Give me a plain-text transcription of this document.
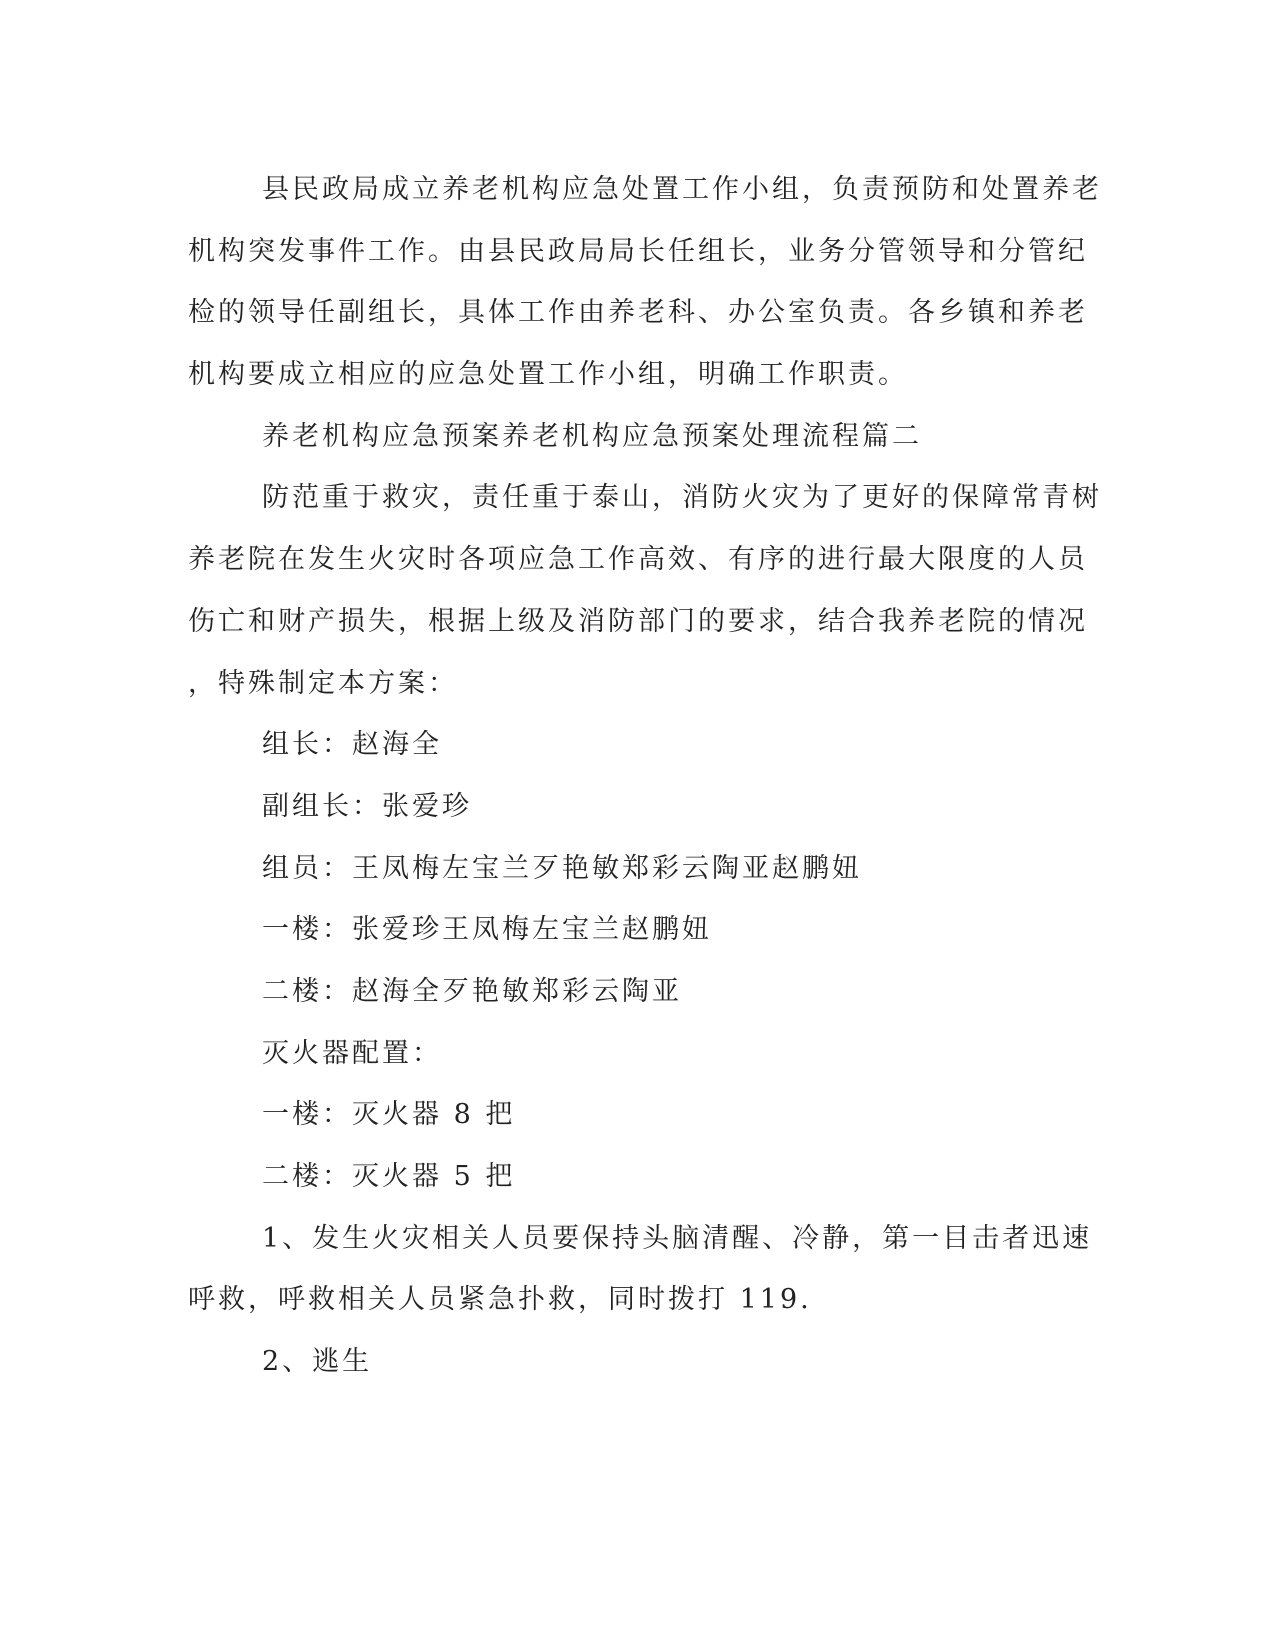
县民政局成立养老机构应急处置工作小组，负责预防和处置养老

机构突发事件工作。由县民政局局长任组长，业务分管领导和分管纪

检的领导任副组长，具体工作由养老科、办公室负责。各乡镇和养老

机构要成立相应的应急处置工作小组，明确工作职责。

养老机构应急预案养老机构应急预案处理流程篇二

防范重于救灾，责任重于泰山，消防火灾为了更好的保障常青树

养老院在发生火灾时各项应急工作高效、有序的进行最大限度的人员

伤亡和财产损失，根据上级及消防部门的要求，结合我养老院的情况

，特殊制定本方案：

组长：赵海全

副组长：张爱珍

组员：王凤梅左宝兰歹艳敏郑彩云陶亚赵鹏妞

一楼：张爱珍王凤梅左宝兰赵鹏妞

二楼：赵海全歹艳敏郑彩云陶亚

灭火器配置：

一楼：灭火器 8 把

二楼：灭火器 5 把

1、发生火灾相关人员要保持头脑清醒、冷静，第一目击者迅速

呼救，呼救相关人员紧急扑救，同时拨打 119.

2、逃生
